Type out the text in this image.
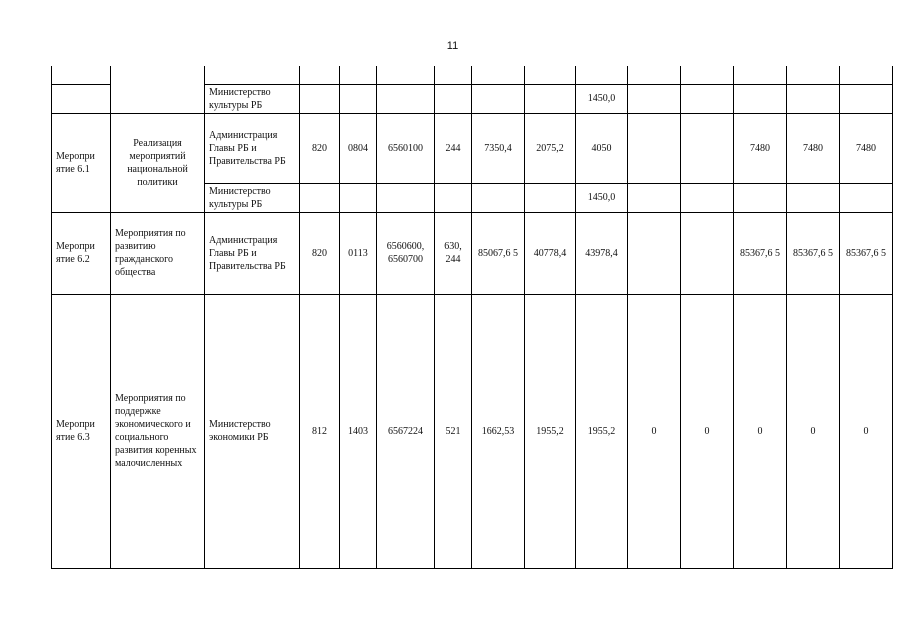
11

		Министерство культуры РБ							1450,0					
Меропри ятие 6.1	Реализация мероприятий национальной политики	Администрация Главы РБ и Правительства РБ	820	0804	6560100	244	7350,4	2075,2	4050			7480	7480	7480
		Министерство культуры РБ							1450,0					
Меропри ятие 6.2	Мероприятия по развитию гражданского общества	Администрация Главы РБ и Правительства РБ	820	0113	6560600, 6560700	630, 244	85067,6 5	40778,4	43978,4			85367,6 5	85367,6 5	85367,6 5
Меропри ятие 6.3	Мероприятия по поддержке экономического и социального развития коренных малочисленных	Министерство экономики РБ	812	1403	6567224	521	1662,53	1955,2	1955,2	0	0	0	0	0
